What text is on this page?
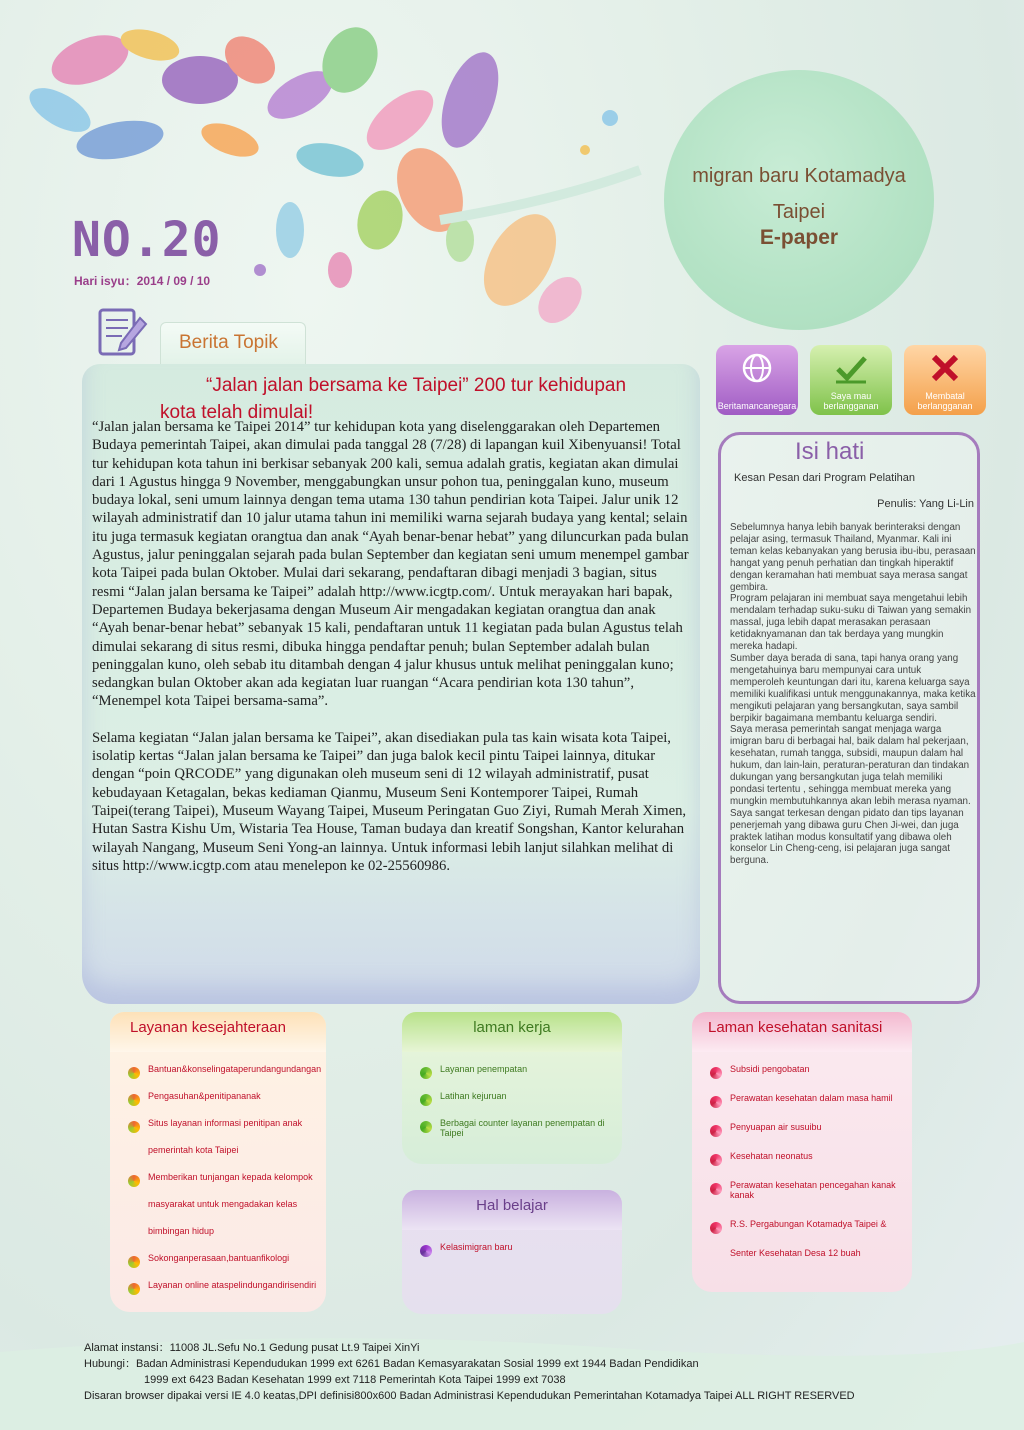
migran baru Kotamadya
Taipei
E-paper
NO.20
Hari isyu：2014 / 09 / 10
Berita Topik
“Jalan jalan bersama ke Taipei” 200 tur kehidupan
kota telah dimulai!

“Jalan jalan bersama ke Taipei 2014” tur kehidupan kota yang diselenggarakan oleh Departemen Budaya pemerintah Taipei, akan dimulai pada tanggal 28 (7/28) di lapangan kuil Xibenyuansi! Total tur kehidupan kota tahun ini berkisar sebanyak 200 kali, semua adalah gratis, kegiatan akan dimulai dari 1 Agustus hingga 9 November, menggabungkan unsur pohon tua, peninggalan kuno, museum budaya lokal, seni umum lainnya dengan tema utama 130 tahun pendirian kota Taipei. Jalur unik 12 wilayah administratif dan 10 jalur utama tahun ini memiliki warna sejarah budaya yang kental; selain itu juga termasuk kegiatan orangtua dan anak “Ayah benar-benar hebat” yang diluncurkan pada bulan Agustus, jalur peninggalan sejarah pada bulan September dan kegiatan seni umum menempel gambar kota Taipei pada bulan Oktober. Mulai dari sekarang, pendaftaran dibagi menjadi 3 bagian, situs resmi “Jalan jalan bersama ke Taipei” adalah http://www.icgtp.com/. Untuk merayakan hari bapak, Departemen Budaya bekerjasama dengan Museum Air mengadakan kegiatan orangtua dan anak “Ayah benar-benar hebat” sebanyak 15 kali, pendaftaran untuk 11 kegiatan pada bulan Agustus telah dimulai sekarang di situs resmi, dibuka hingga pendaftar penuh; bulan September adalah bulan peninggalan kuno, oleh sebab itu ditambah dengan 4 jalur khusus untuk melihat peninggalan kuno; sedangkan bulan Oktober akan ada kegiatan luar ruangan “Acara pendirian kota 130 tahun”, “Menempel kota Taipei bersama-sama”.

Selama kegiatan “Jalan jalan bersama ke Taipei”, akan disediakan pula tas kain wisata kota Taipei, isolatip kertas “Jalan jalan bersama ke Taipei” dan juga balok kecil pintu Taipei lainnya, ditukar dengan “poin QRCODE” yang digunakan oleh museum seni di 12 wilayah administratif, pusat kebudayaan Ketagalan, bekas kediaman Qianmu, Museum Seni Kontemporer Taipei, Rumah Taipei(terang Taipei), Museum Wayang Taipei, Museum Peringatan Guo Ziyi, Rumah Merah Ximen, Hutan Sastra Kishu Um, Wistaria Tea House, Taman budaya dan kreatif Songshan, Kantor kelurahan wilayah Nangang, Museum Seni Yong-an lainnya. Untuk informasi lebih lanjut silahkan melihat di situs http://www.icgtp.com atau menelepon ke 02-25560986.

Beritamancanegara
Saya mau berlangganan
Membatal berlangganan
Isi hati
Kesan Pesan dari Program Pelatihan
Penulis: Yang Li-Lin

Sebelumnya hanya lebih banyak berinteraksi dengan pelajar asing, termasuk Thailand, Myanmar. Kali ini teman kelas kebanyakan yang berusia ibu-ibu, perasaan hangat yang penuh perhatian dan tingkah hiperaktif dengan keramahan hati membuat saya merasa sangat gembira.

Program pelajaran ini membuat saya mengetahui lebih mendalam terhadap suku-suku di Taiwan yang semakin massal, juga lebih dapat merasakan perasaan ketidaknyamanan dan tak berdaya yang mungkin mereka hadapi.

Sumber daya berada di sana, tapi hanya orang yang mengetahuinya baru mempunyai cara untuk memperoleh keuntungan dari itu, karena keluarga saya memiliki kualifikasi untuk menggunakannya, maka ketika mengikuti pelajaran yang bersangkutan, saya sambil berpikir bagaimana membantu keluarga sendiri.

Saya merasa pemerintah sangat menjaga warga imigran baru di berbagai hal, baik dalam hal pekerjaan, kesehatan, rumah tangga, subsidi, maupun dalam hal hukum, dan lain-lain, peraturan-peraturan dan tindakan dukungan yang bersangkutan juga telah memiliki pondasi tertentu , sehingga membuat mereka yang mungkin membutuhkannya akan lebih merasa nyaman.

Saya sangat terkesan dengan pidato dan tips layanan penerjemah yang dibawa guru Chen Ji-wei, dan juga praktek latihan modus konsultatif yang dibawa oleh konselor Lin Cheng-ceng, isi pelajaran juga sangat berguna.

Layanan kesejahteraan
Bantuan&konselingataperundangundangan
Pengasuhan&penitipananak
Situs layanan informasi penitipan anak
pemerintah kota Taipei
Memberikan tunjangan kepada kelompok
masyarakat untuk mengadakan kelas
bimbingan hidup
Sokonganperasaan,bantuanfikologi
Layanan online ataspelindungandirisendiri
laman kerja
Layanan penempatan
Latihan kejuruan
Berbagai counter layanan penempatan di Taipei
Hal belajar
Kelasimigran baru
Laman kesehatan sanitasi
Subsidi pengobatan
Perawatan kesehatan dalam masa hamil
Penyuapan air susuibu
Kesehatan neonatus
Perawatan kesehatan pencegahan kanak kanak
R.S. Pergabungan Kotamadya Taipei &
Senter Kesehatan Desa 12 buah
Alamat instansi：11008 JL.Sefu No.1 Gedung pusat Lt.9 Taipei XinYi
Hubungi：Badan Administrasi Kependudukan 1999 ext 6261 Badan Kemasyarakatan Sosial 1999 ext 1944 Badan Pendidikan
1999 ext 6423 Badan Kesehatan 1999 ext 7118 Pemerintah Kota Taipei 1999 ext 7038
Disaran browser dipakai versi IE 4.0 keatas,DPI definisi800x600 Badan Administrasi Kependudukan Pemerintahan Kotamadya Taipei ALL RIGHT RESERVED
